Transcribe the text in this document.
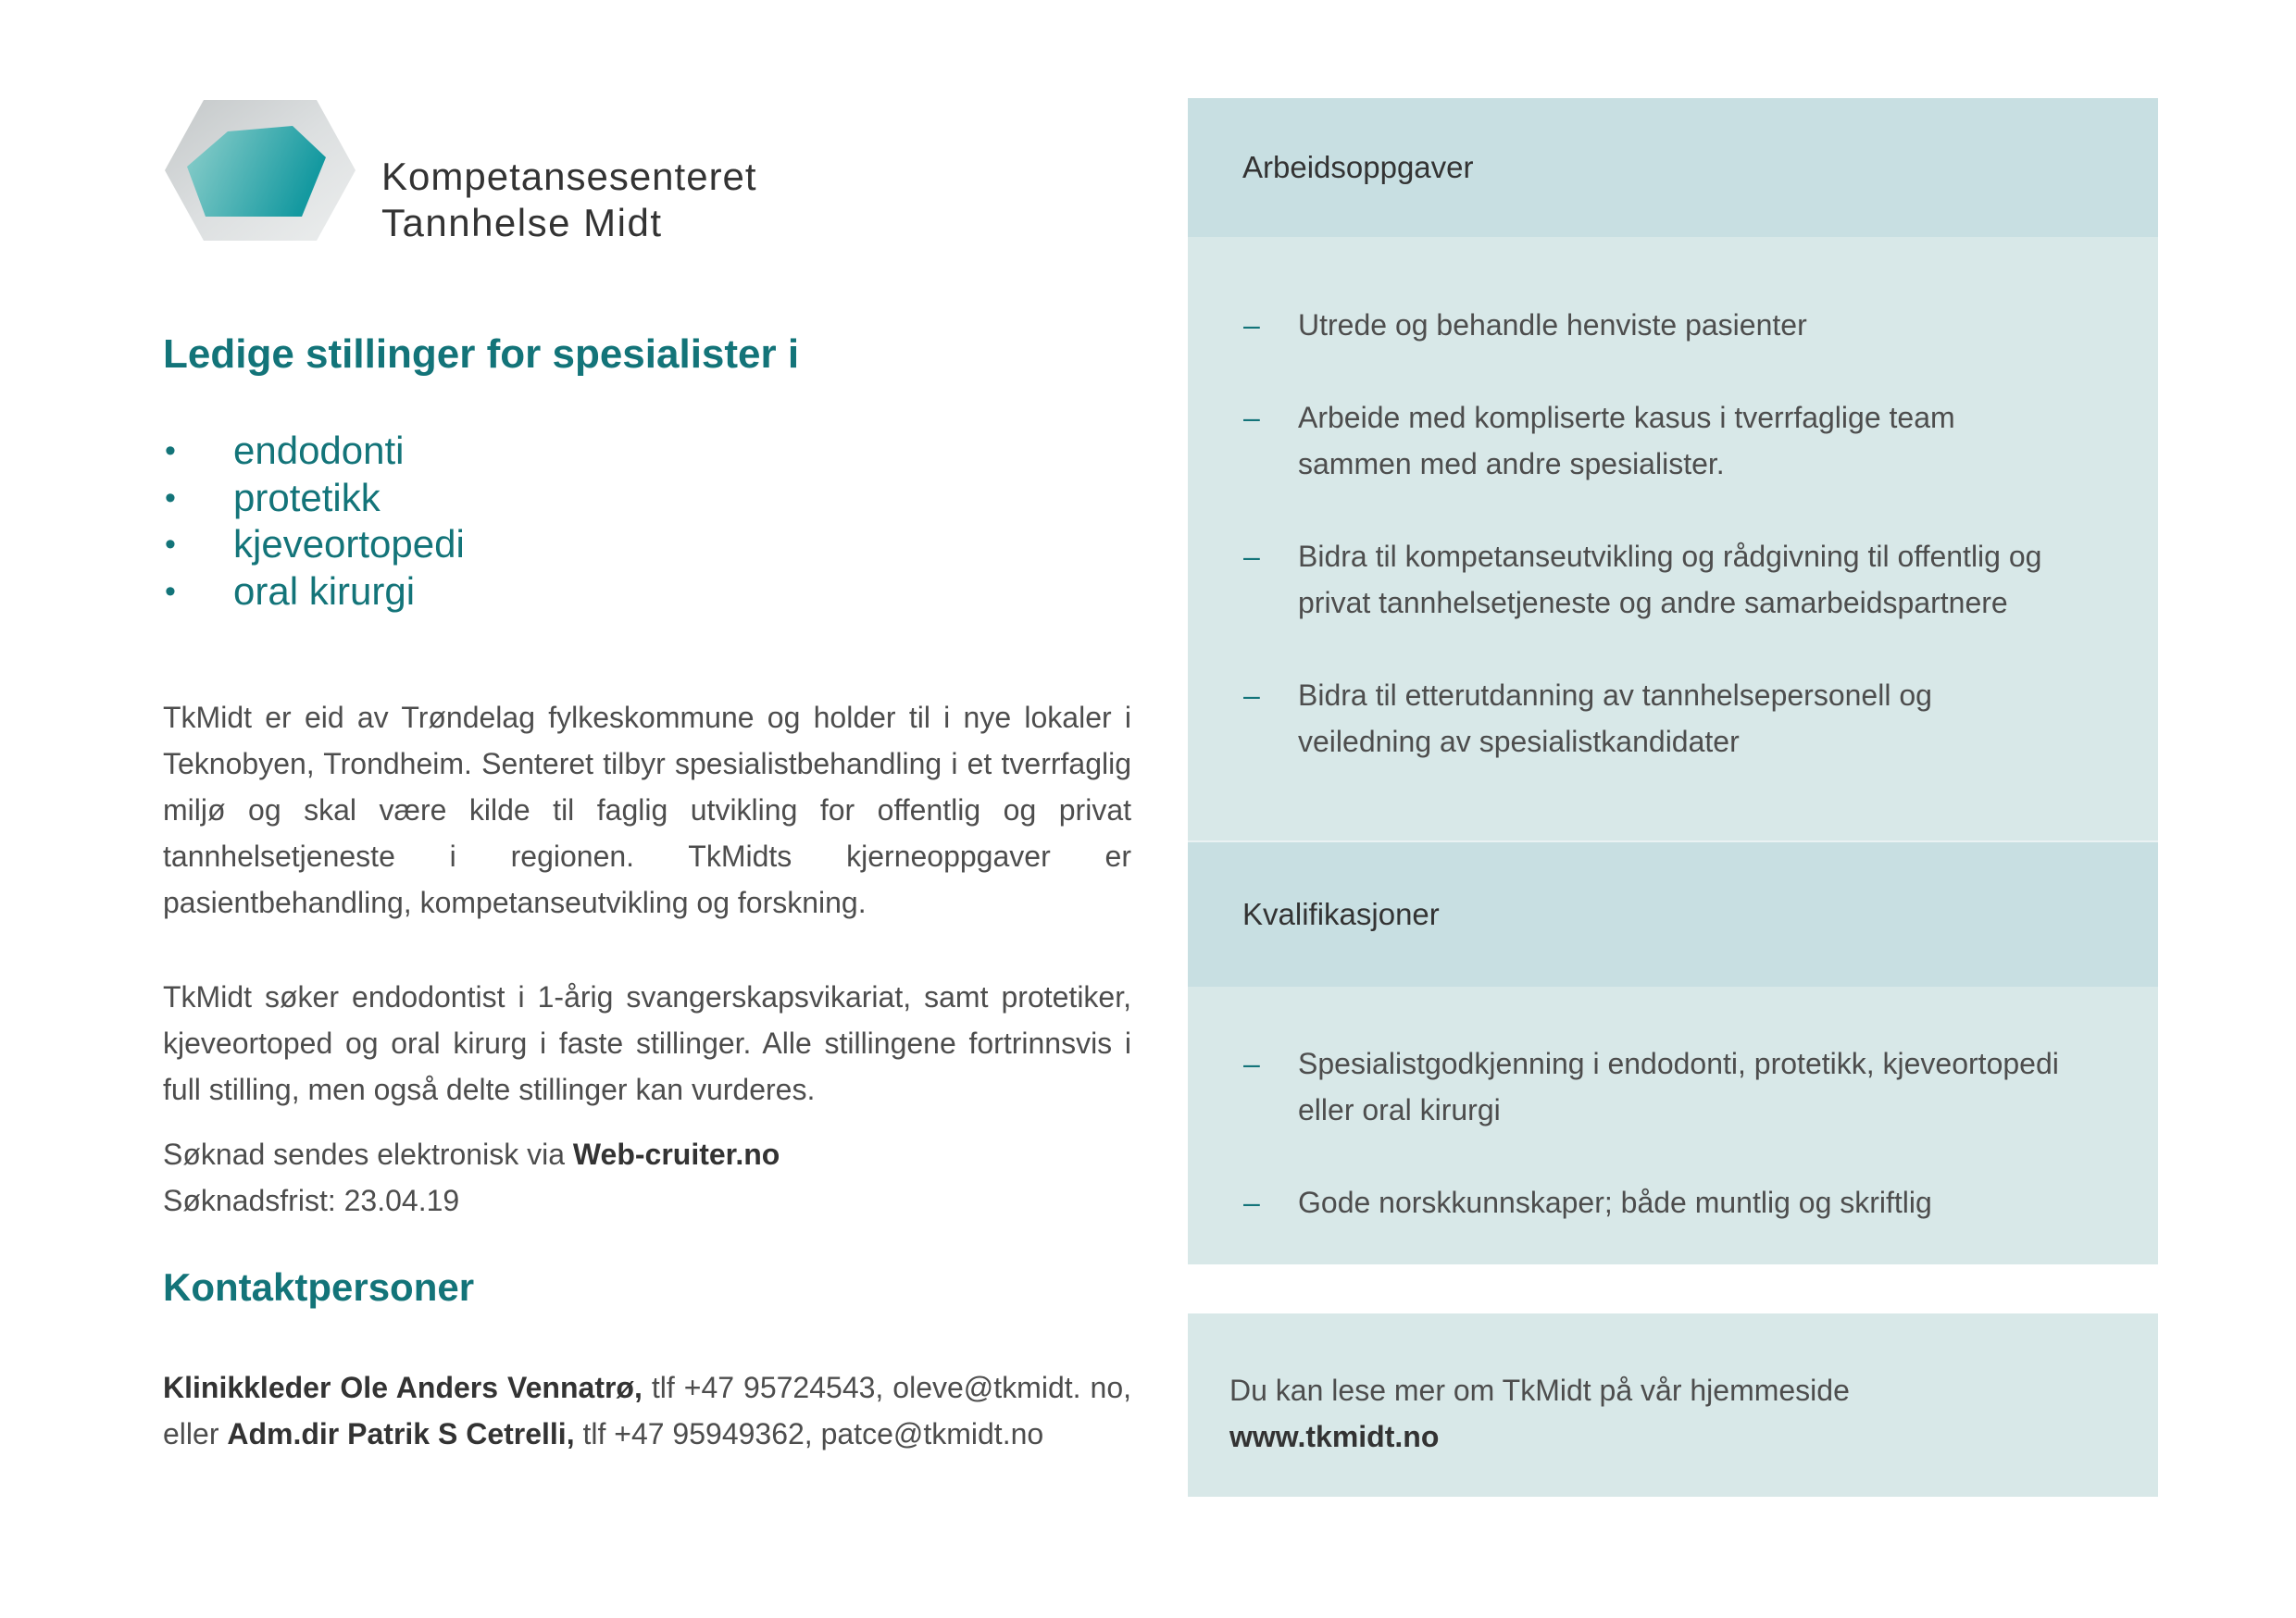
Kompetansesenteret
Tannhelse Midt
Ledige stillinger for spesialister i
• endodonti
• protetikk
• kjeveortopedi
• oral kirurgi

TkMidt er eid av Trøndelag fylkeskommune og holder til i nye lokaler i Teknobyen, Trondheim. Senteret tilbyr spesialistbehandling i et tverrfaglig miljø og skal være kilde til faglig utvikling for offentlig og privat tannhelsetjeneste i regionen. TkMidts kjerneoppgaver er pasientbehandling, kompetanseutvikling og forskning.

TkMidt søker endodontist i 1-årig svangerskapsvikariat, samt protetiker, kjeveortoped og oral kirurg i faste stillinger. Alle stillingene fortrinnsvis i full stilling, men også delte stillinger kan vurderes.

Søknad sendes elektronisk via Web-cruiter.no
Søknadsfrist: 23.04.19
Kontaktpersoner
Klinikkleder Ole Anders Vennatrø, tlf +47 95724543, oleve@tkmidt. no, eller Adm.dir Patrik S Cetrelli, tlf +47 95949362, patce@tkmidt.no
Arbeidsoppgaver
– Utrede og behandle henviste pasienter
– Arbeide med kompliserte kasus i tverrfaglige team sammen med andre spesialister.
– Bidra til kompetanseutvikling og rådgivning til offentlig og privat tannhelsetjeneste og andre samarbeidspartnere
– Bidra til etterutdanning av tannhelsepersonell og veiledning av spesialistkandidater
Kvalifikasjoner
– Spesialistgodkjenning i endodonti, protetikk, kjeveortopedi eller oral kirurgi
– Gode norskkunnskaper; både muntlig og skriftlig
Du kan lese mer om TkMidt på vår hjemmeside
www.tkmidt.no
